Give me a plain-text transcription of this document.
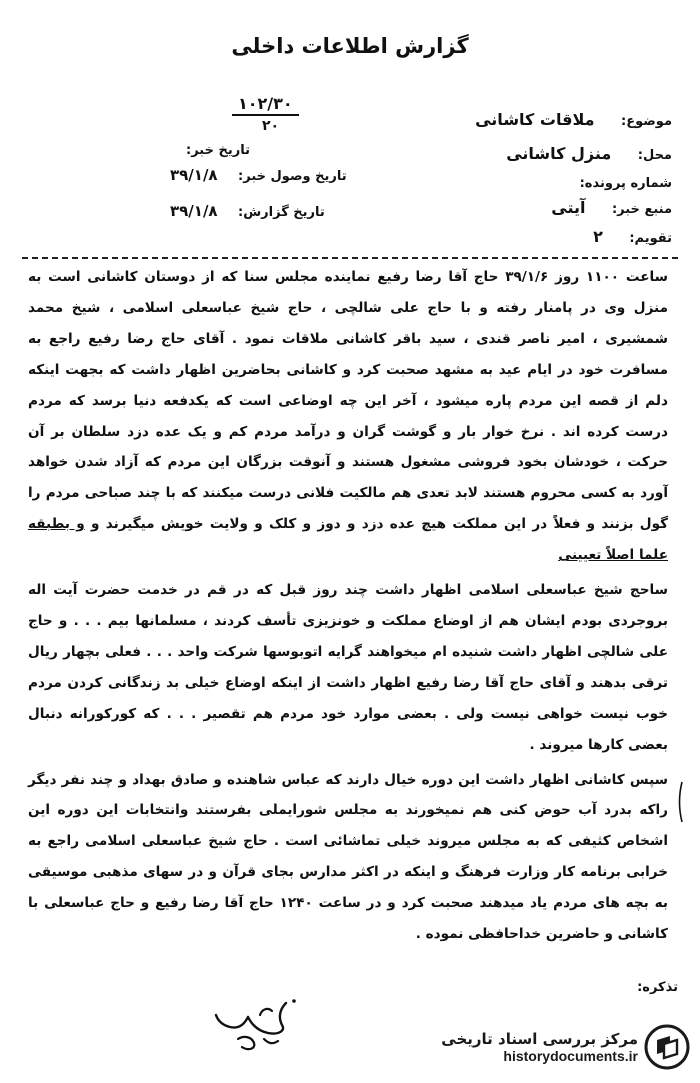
گزارش اطلاعات داخلی
۱۰۲/۳۰
۲۰	موضوع: ملاقات کاشانی
محل: منزل کاشانی
شماره پرونده:
منبع خبر: آیتی
تقویم: ۲
تاریخ خبر:
تاریخ وصول خبر: ۳۹/۱/۸
تاریخ گزارش: ۳۹/۱/۸

ساعت ۱۱۰۰ روز ۳۹/۱/۶ حاج آقا رضا رفیع نماینده مجلس سنا که از دوستان کاشانی است به منزل وی در پامنار رفته و با حاج علی شالچی ، حاج شیخ عباسعلی اسلامی ، شیخ محمد شمشیری ، امیر ناصر قندی ، سید باقر کاشانی ملاقات نمود . آقای حاج رضا رفیع راجع به مسافرت خود در ایام عید به مشهد صحبت کرد و کاشانی بحاضرین اظهار داشت که بجهت اینکه دلم از قصه این مردم پاره میشود ، آخر این چه اوضاعی است که یکدفعه دنیا برسد که مردم درست کرده اند . نرخ خوار بار و گوشت گران و درآمد مردم کم و یک عده دزد سلطان بر آن حرکت ، خودشان بخود فروشی مشغول هستند و آنوقت بزرگان این مردم که آزاد شدن خواهد آورد به کسی محروم هستند لابد تعدی هم مالکیت فلانی درست میکنند که با چند صباحی مردم را گول بزنند و فعلاً در این مملکت هیچ عده دزد و دوز و کلک و ولایت خویش میگیرند و و بطبقه علما اصلاً تعیینی

ساحج شیخ عباسعلی اسلامی اظهار داشت چند روز قبل که در قم در خدمت حضرت آیت اله بروجردی بودم ایشان هم از اوضاع مملکت و خونزیزی تأسف کردند ، مسلمانها بیم . . . و حاج علی شالچی اظهار داشت شنیده ام میخواهند گرایه اتوبوسها شرکت واحد . . . فعلی بچهار ریال ترقی بدهند و آقای حاج آقا رضا رفیع اظهار داشت از اینکه اوضاع خیلی بد زندگانی کردن مردم خوب نیست خواهی نیست ولی . بعضی موارد خود مردم هم تقصیر . . . که کورکورانه دنبال بعضی کارها میروند .

سپس کاشانی اظهار داشت این دوره خیال دارند که عباس شاهنده و صادق بهداد و چند نفر دیگر راکه بدرد آب حوض کنی هم نمیخورند به مجلس شورایملی بفرستند وانتخابات این دوره این اشخاص کثیفی که به مجلس میروند خیلی تماشائی است . حاج شیخ عباسعلی اسلامی راجع به خرابی برنامه کار وزارت فرهنگ و اینکه در اکثر مدارس بجای قرآن و در سهای مذهبی موسیقی به بچه های مردم یاد میدهند صحبت کرد و در ساعت ۱۲۴۰ حاج آقا رضا رفیع و حاج عباسعلی با کاشانی و حاضرین خداحافظی نموده .

تذکره:
مرکز بررسی اسناد تاریخی
historydocuments.ir
